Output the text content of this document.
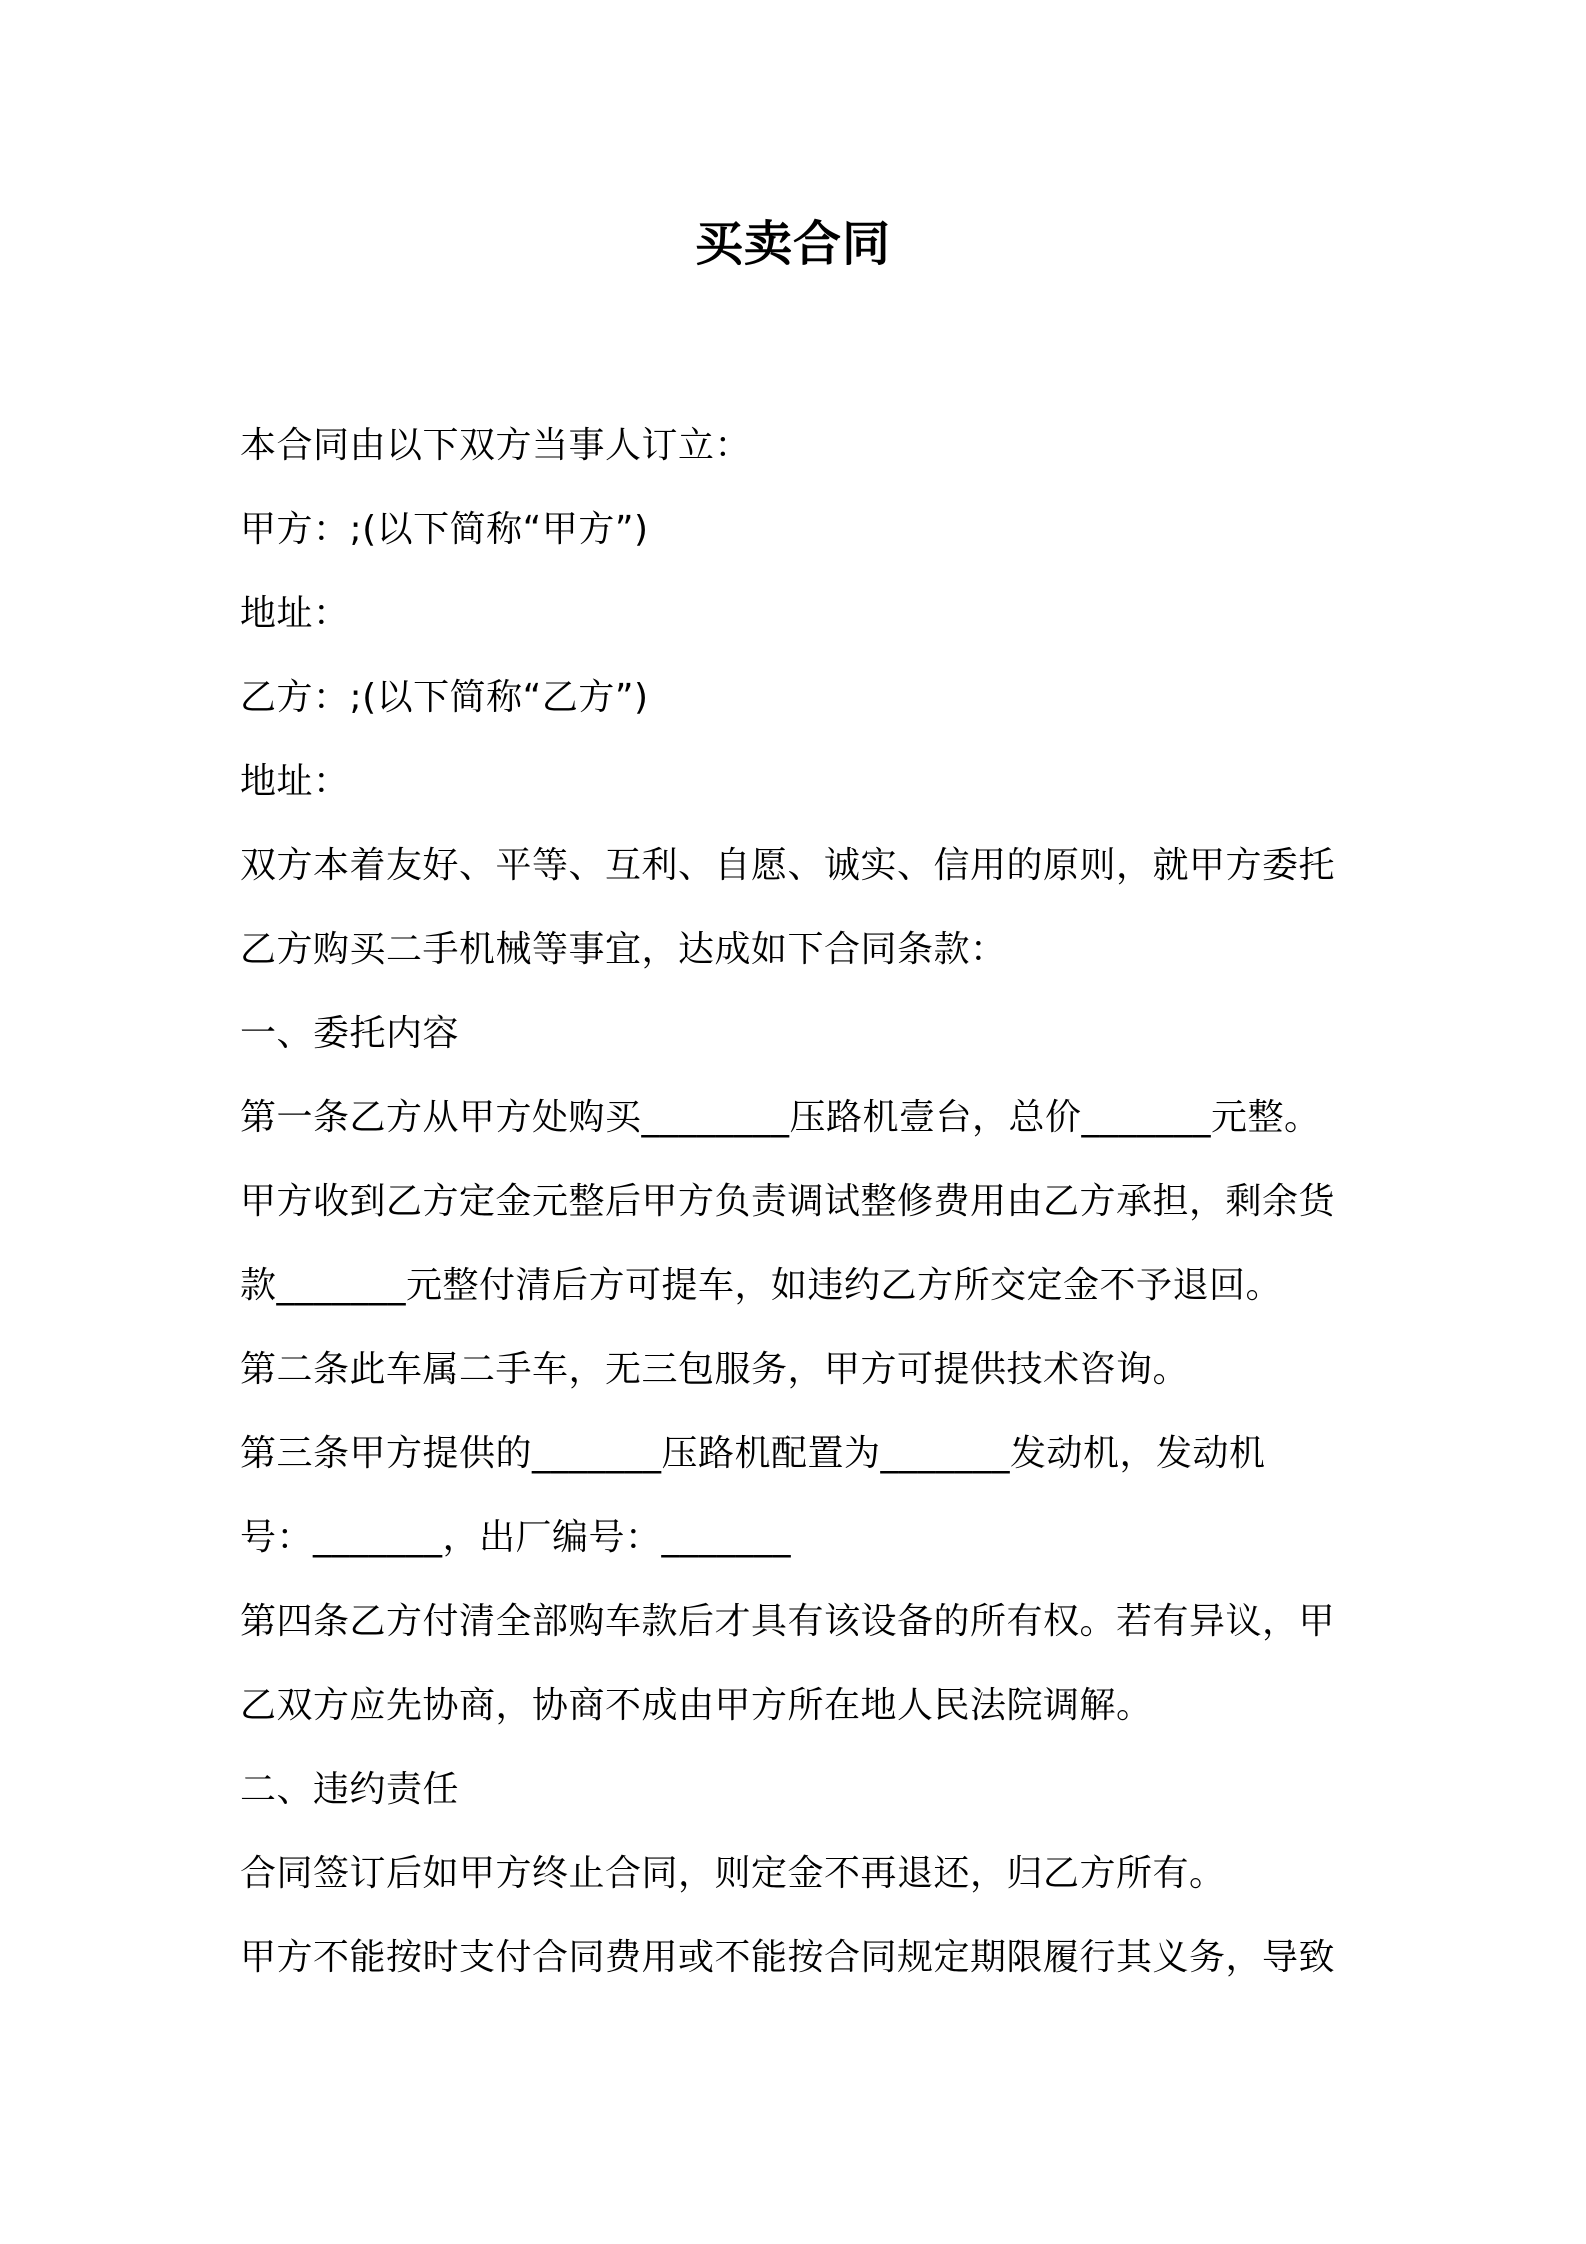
买卖合同
本合同由以下双方当事人订立：
甲方：;(以下简称“甲方”)
地址：
乙方：;(以下简称“乙方”)
地址：
双方本着友好、平等、互利、自愿、诚实、信用的原则，就甲方委托
乙方购买二手机械等事宜，达成如下合同条款：
一、委托内容
第一条乙方从甲方处购买________压路机壹台，总价_______元整。
甲方收到乙方定金元整后甲方负责调试整修费用由乙方承担，剩余货
款_______元整付清后方可提车，如违约乙方所交定金不予退回。
第二条此车属二手车，无三包服务，甲方可提供技术咨询。
第三条甲方提供的_______压路机配置为_______发动机，发动机
号：_______，出厂编号：_______
第四条乙方付清全部购车款后才具有该设备的所有权。若有异议，甲
乙双方应先协商，协商不成由甲方所在地人民法院调解。
二、违约责任
合同签订后如甲方终止合同，则定金不再退还，归乙方所有。
甲方不能按时支付合同费用或不能按合同规定期限履行其义务，导致
